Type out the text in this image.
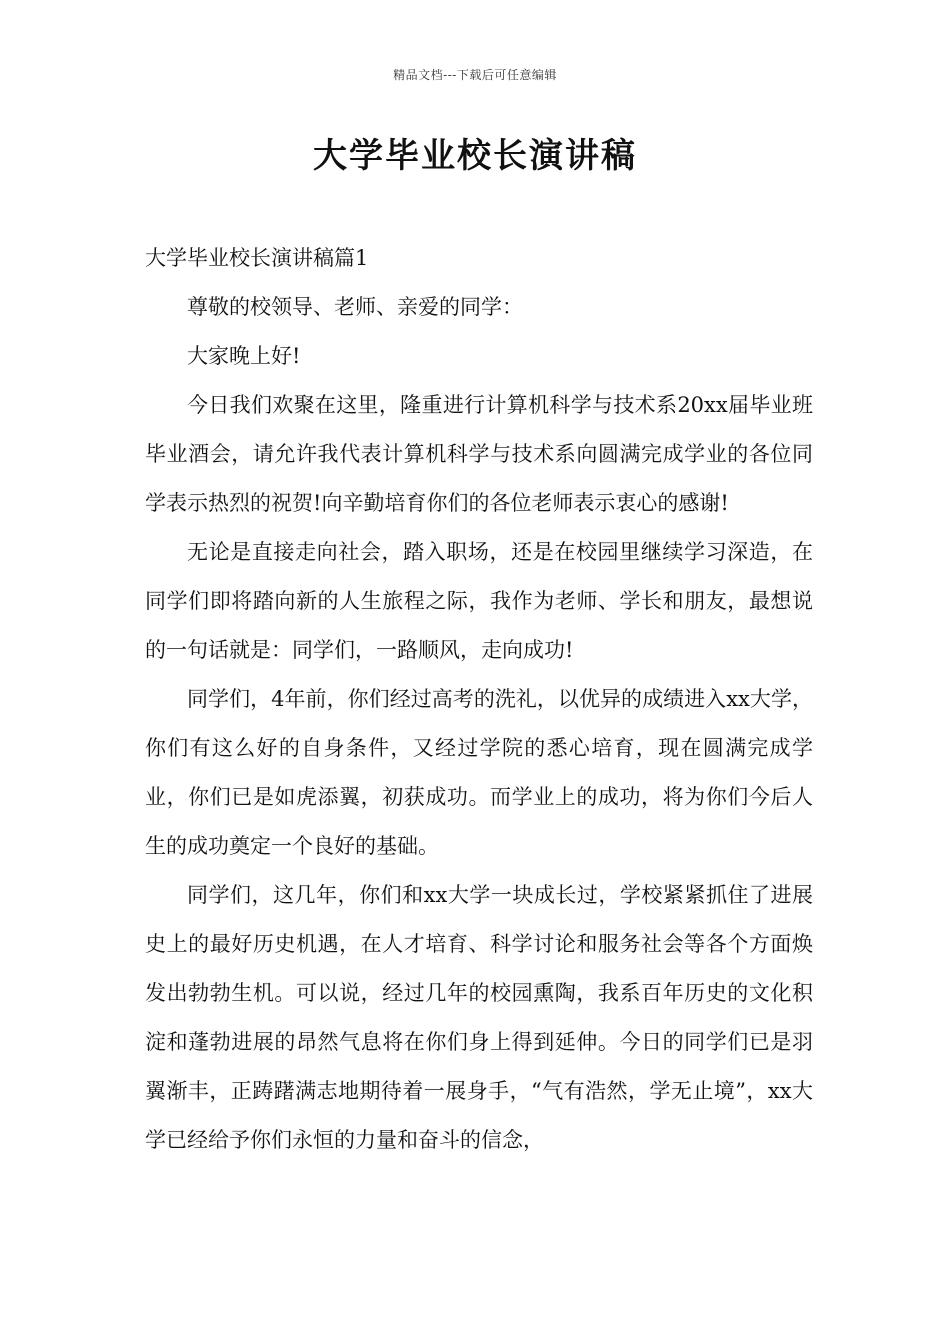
精品文档---下载后可任意编辑
大学毕业校长演讲稿

大学毕业校长演讲稿篇1

尊敬的校领导、老师、亲爱的同学：

大家晚上好!

今日我们欢聚在这里，隆重进行计算机科学与技术系20xx届毕业班毕业酒会，请允许我代表计算机科学与技术系向圆满完成学业的各位同学表示热烈的祝贺!向辛勤培育你们的各位老师表示衷心的感谢!

无论是直接走向社会，踏入职场，还是在校园里继续学习深造，在同学们即将踏向新的人生旅程之际，我作为老师、学长和朋友，最想说的一句话就是：同学们，一路顺风，走向成功!

同学们，4年前，你们经过高考的洗礼，以优异的成绩进入xx大学，你们有这么好的自身条件，又经过学院的悉心培育，现在圆满完成学业，你们已是如虎添翼，初获成功。而学业上的成功，将为你们今后人生的成功奠定一个良好的基础。

同学们，这几年，你们和xx大学一块成长过，学校紧紧抓住了进展史上的最好历史机遇，在人才培育、科学讨论和服务社会等各个方面焕发出勃勃生机。可以说，经过几年的校园熏陶，我系百年历史的文化积淀和蓬勃进展的昂然气息将在你们身上得到延伸。今日的同学们已是羽翼渐丰，正踌躇满志地期待着一展身手，“气有浩然，学无止境”，xx大学已经给予你们永恒的力量和奋斗的信念，
